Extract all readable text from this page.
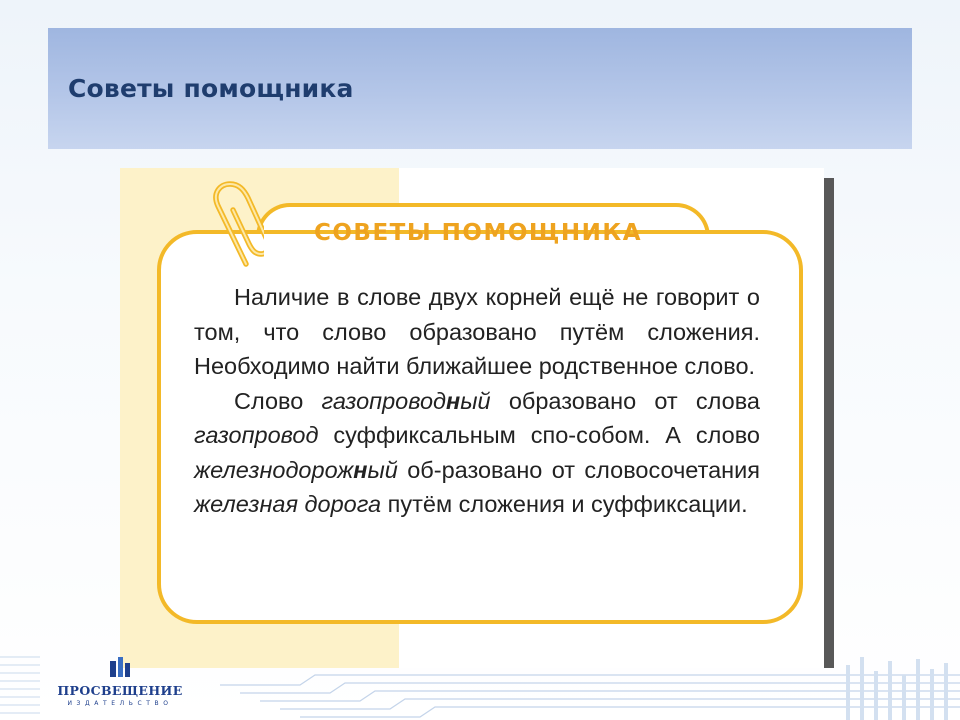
Советы помощника
СОВЕТЫ ПОМОЩНИКА

Наличие в слове двух корней ещё не говорит о том, что слово образовано путём сложения. Необходимо найти ближайшее родственное слово.

Слово газопроводный образовано от слова газопровод суффиксальным спо-собом. А слово железнодорожный об-разовано от словосочетания железная дорога путём сложения и суффиксации.

ПРОСВЕЩЕНИЕ
ИЗДАТЕЛЬСТВО
